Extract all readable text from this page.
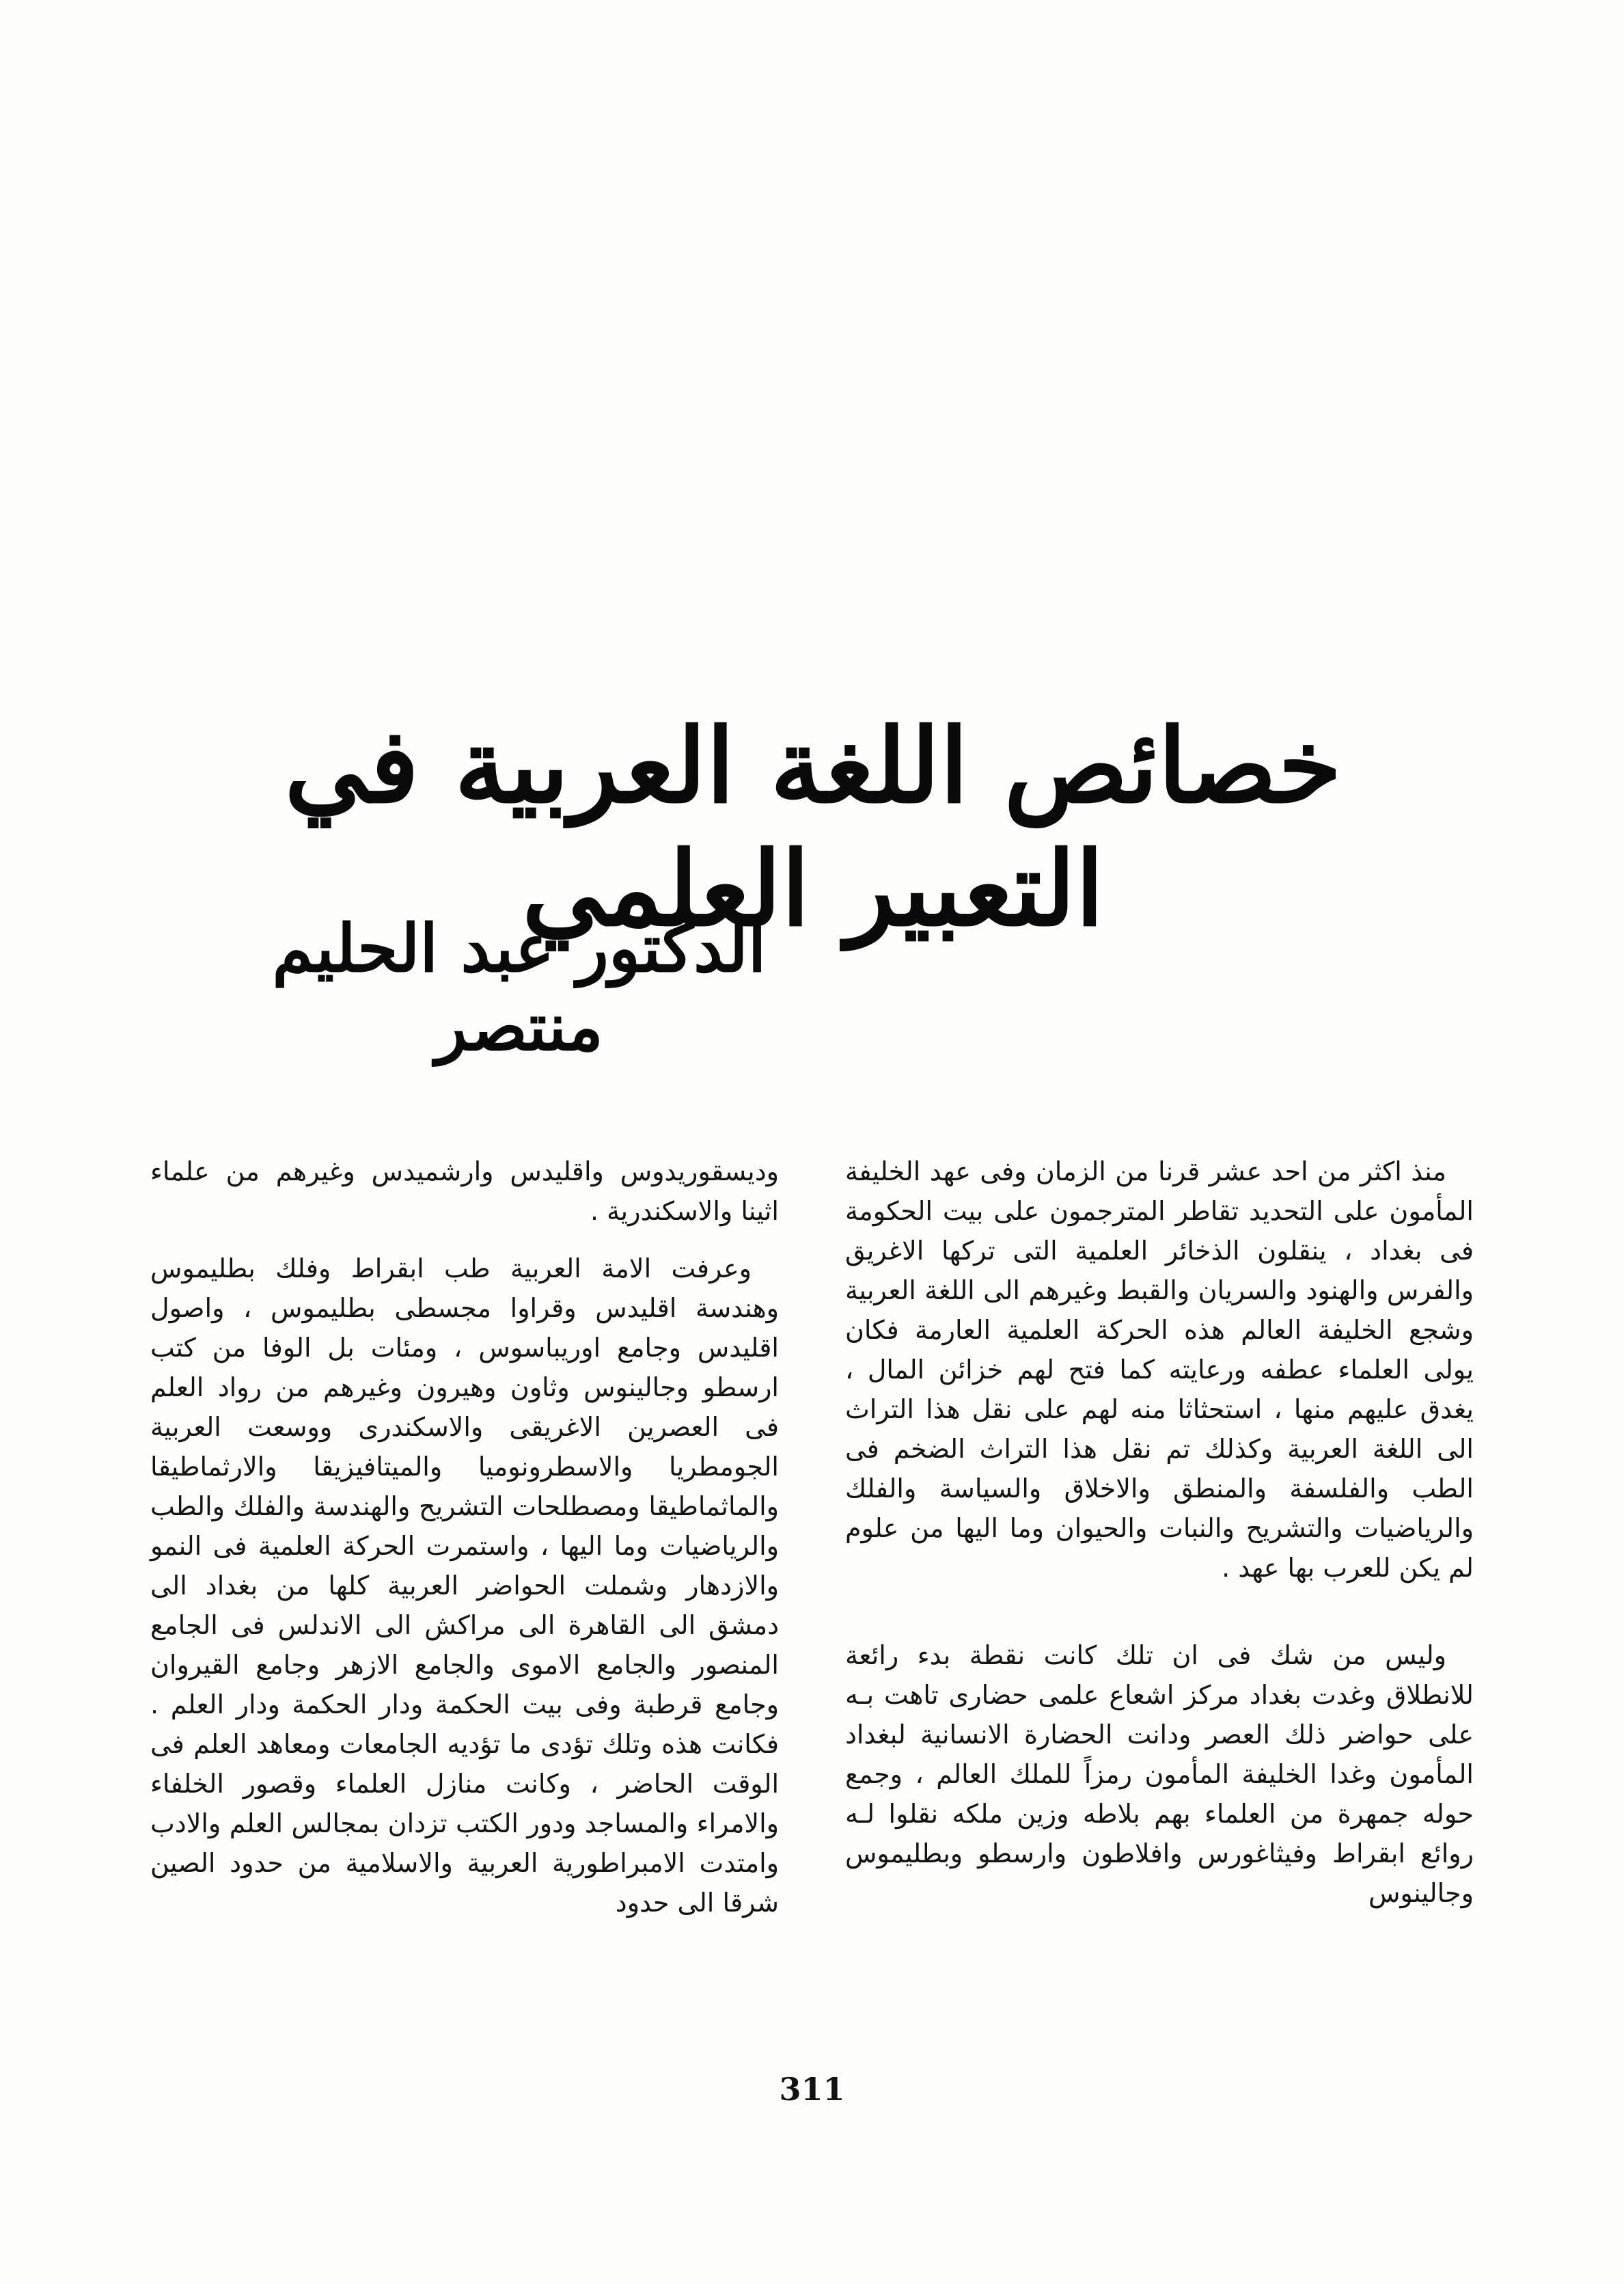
خصائص اللغة العربية في التعبير العلمي
الدكتور عبد الحليم منتصر

منذ اكثر من احد عشر قرنا من الزمان وفى عهد الخليفة المأمون على التحديد تقاطر المترجمون على بيت الحكومة فى بغداد ، ينقلون الذخائر العلمية التى تركها الاغريق والفرس والهنود والسريان والقبط وغيرهم الى اللغة العربية وشجع الخليفة العالم هذه الحركة العلمية العارمة فكان يولى العلماء عطفه ورعايته كما فتح لهم خزائن المال ، يغدق عليهم منها ، استحثاثا منه لهم على نقل هذا التراث الى اللغة العربية وكذلك تم نقل هذا التراث الضخم فى الطب والفلسفة والمنطق والاخلاق والسياسة والفلك والرياضيات والتشريح والنبات والحيوان وما اليها من علوم لم يكن للعرب بها عهد .

وليس من شك فى ان تلك كانت نقطة بدء رائعة للانطلاق وغدت بغداد مركز اشعاع علمى حضارى تاهت بـه على حواضر ذلك العصر ودانت الحضارة الانسانية لبغداد المأمون وغدا الخليفة المأمون رمزاً للملك العالم ، وجمع حوله جمهرة من العلماء بهم بلاطه وزين ملكه نقلوا لـه روائع ابقراط وفيثاغورس وافلاطون وارسطو وبطليموس وجالينوس

وديسقوريدوس واقليدس وارشميدس وغيرهم من علماء اثينا والاسكندرية .

وعرفت الامة العربية طب ابقراط وفلك بطليموس وهندسة اقليدس وقراوا مجسطى بطليموس ، واصول اقليدس وجامع اوريباسوس ، ومئات بل الوفا من كتب ارسطو وجالينوس وثاون وهيرون وغيرهم من رواد العلم فى العصرين الاغريقى والاسكندرى ووسعت العربية الجومطريا والاسطرونوميا والميتافيزيقا والارثماطيقا والماثماطيقا ومصطلحات التشريح والهندسة والفلك والطب والرياضيات وما اليها ، واستمرت الحركة العلمية فى النمو والازدهار وشملت الحواضر العربية كلها من بغداد الى دمشق الى القاهرة الى مراكش الى الاندلس فى الجامع المنصور والجامع الاموى والجامع الازهر وجامع القيروان وجامع قرطبة وفى بيت الحكمة ودار الحكمة ودار العلم . فكانت هذه وتلك تؤدى ما تؤديه الجامعات ومعاهد العلم فى الوقت الحاضر ، وكانت منازل العلماء وقصور الخلفاء والامراء والمساجد ودور الكتب تزدان بمجالس العلم والادب وامتدت الامبراطورية العربية والاسلامية من حدود الصين شرقا الى حدود

311
